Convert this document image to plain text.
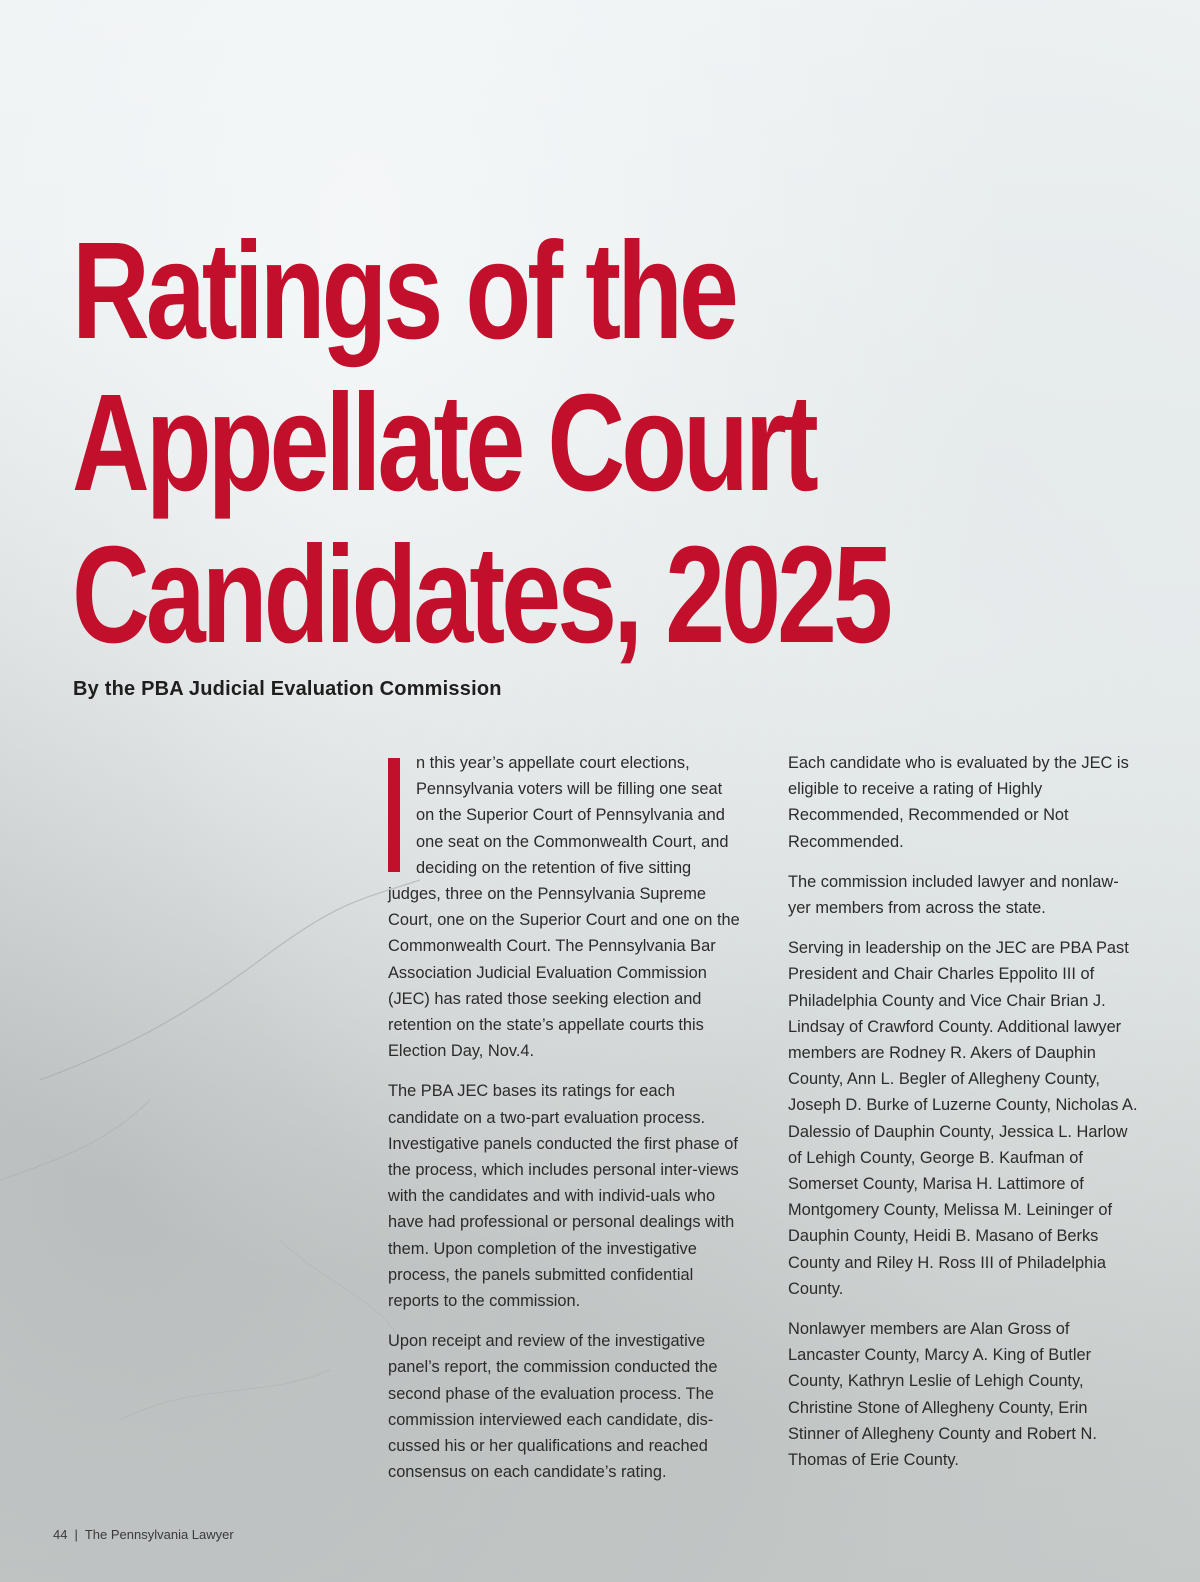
Ratings of the
Appellate Court
Candidates, 2025

By the PBA Judicial Evaluation Commission

n this year’s appellate court elections, Pennsylvania voters will be filling one seat on the Superior Court of Pennsylvania and one seat on the Commonwealth Court, and deciding on the retention of five sitting judges, three on the Pennsylvania Supreme Court, one on the Superior Court and one on the Commonwealth Court. The Pennsylvania Bar Association Judicial Evaluation Commission (JEC) has rated those seeking election and retention on the state’s appellate courts this Election Day, Nov.4.

The PBA JEC bases its ratings for each candidate on a two-part evaluation process. Investigative panels conducted the first phase of the process, which includes personal inter-views with the candidates and with individ-uals who have had professional or personal dealings with them. Upon completion of the investigative process, the panels submitted confidential reports to the commission.

Upon receipt and review of the investigative panel’s report, the commission conducted the second phase of the evaluation process. The commission interviewed each candidate, dis-cussed his or her qualifications and reached consensus on each candidate’s rating.

Each candidate who is evaluated by the JEC is eligible to receive a rating of Highly Recommended, Recommended or Not Recommended.

The commission included lawyer and nonlaw-yer members from across the state.

Serving in leadership on the JEC are PBA Past President and Chair Charles Eppolito III of Philadelphia County and Vice Chair Brian J. Lindsay of Crawford County. Additional lawyer members are Rodney R. Akers of Dauphin County, Ann L. Begler of Allegheny County, Joseph D. Burke of Luzerne County, Nicholas A. Dalessio of Dauphin County, Jessica L. Harlow of Lehigh County, George B. Kaufman of Somerset County, Marisa H. Lattimore of Montgomery County, Melissa M. Leininger of Dauphin County, Heidi B. Masano of Berks County and Riley H. Ross III of Philadelphia County.

Nonlawyer members are Alan Gross of Lancaster County, Marcy A. King of Butler County, Kathryn Leslie of Lehigh County, Christine Stone of Allegheny County, Erin Stinner of Allegheny County and Robert N. Thomas of Erie County.

44 | The Pennsylvania Lawyer
